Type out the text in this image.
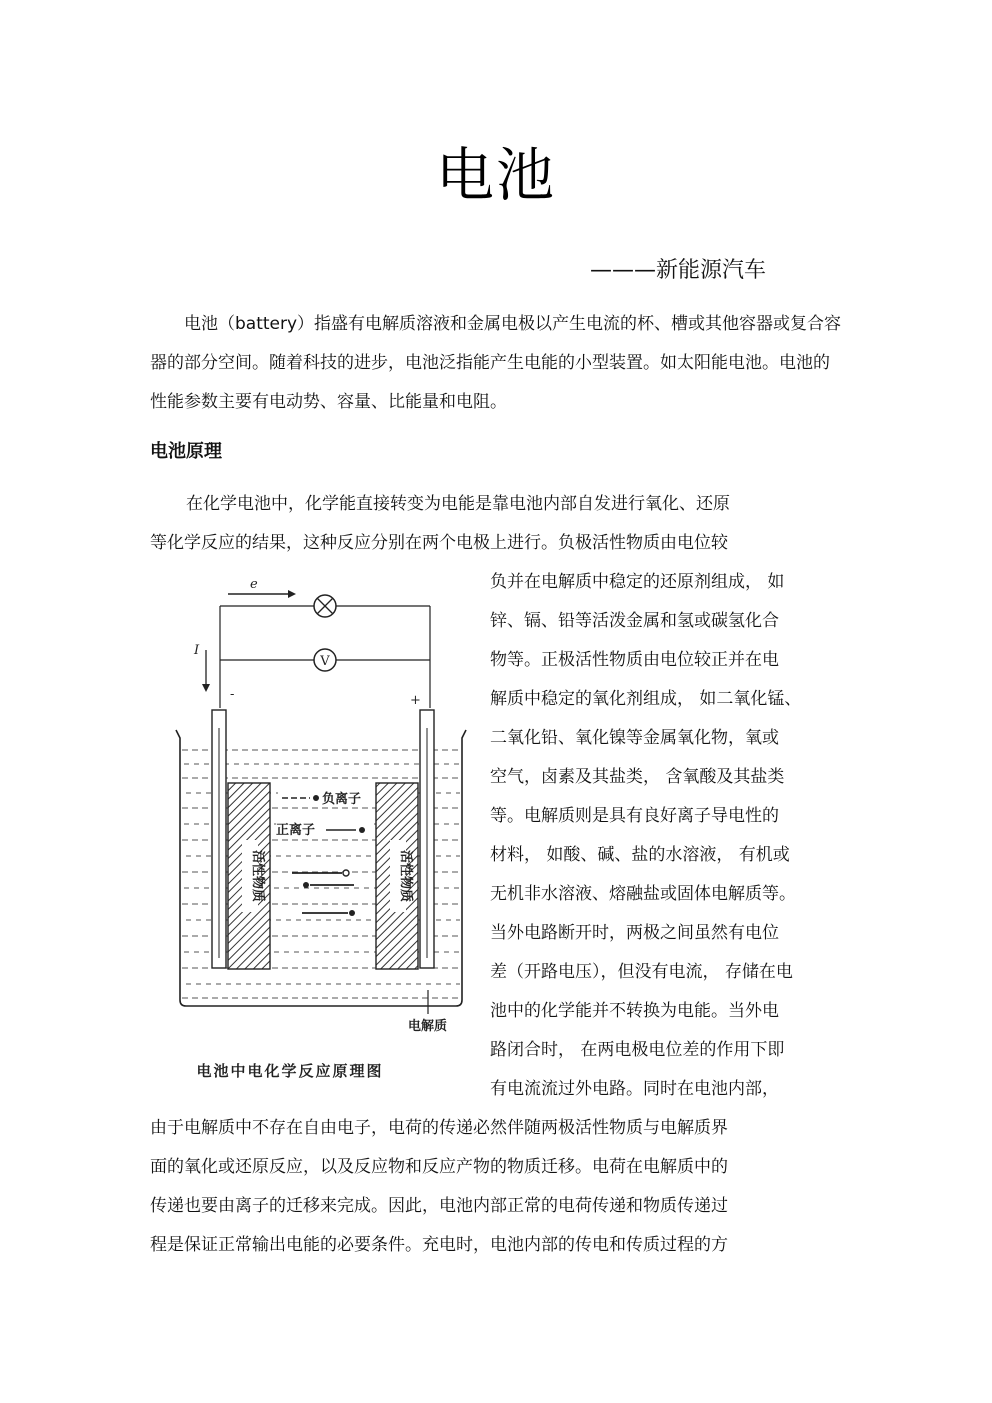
电池
———新能源汽车

电池（battery）指盛有电解质溶液和金属电极以产生电流的杯、槽或其他容器或复合容器的部分空间。随着科技的进步，电池泛指能产生电能的小型装置。如太阳能电池。电池的性能参数主要有电动势、容量、比能量和电阻。

电池原理

在化学电池中，化学能直接转变为电能是靠电池内部自发进行氧化、还原
等化学反应的结果，这种反应分别在两个电极上进行。负极活性物质由电位较
负并在电解质中稳定的还原剂组成， 如
锌、镉、铅等活泼金属和氢或碳氢化合
物等。正极活性物质由电位较正并在电
解质中稳定的氧化剂组成， 如二氧化锰、
二氧化铅、氧化镍等金属氧化物，氧或
空气，卤素及其盐类， 含氧酸及其盐类
等。电解质则是具有良好离子导电性的
材料， 如酸、碱、盐的水溶液， 有机或
无机非水溶液、熔融盐或固体电解质等。
当外电路断开时，两极之间虽然有电位
差（开路电压），但没有电流， 存储在电
池中的化学能并不转换为电能。当外电
路闭合时， 在两电极电位差的作用下即
有电流流过外电路。同时在电池内部，
由于电解质中不存在自由电子，电荷的传递必然伴随两极活性物质与电解质界
面的氧化或还原反应，以及反应物和反应产物的物质迁移。电荷在电解质中的
传递也要由离子的迁移来完成。因此，电池内部正常的电荷传递和物质传递过
程是保证正常输出电能的必要条件。充电时，电池内部的传电和传质过程的方
V
e
I
-	+
活性物质	活性物质
负离子
正离子
电解质
电池中电化学反应原理图
